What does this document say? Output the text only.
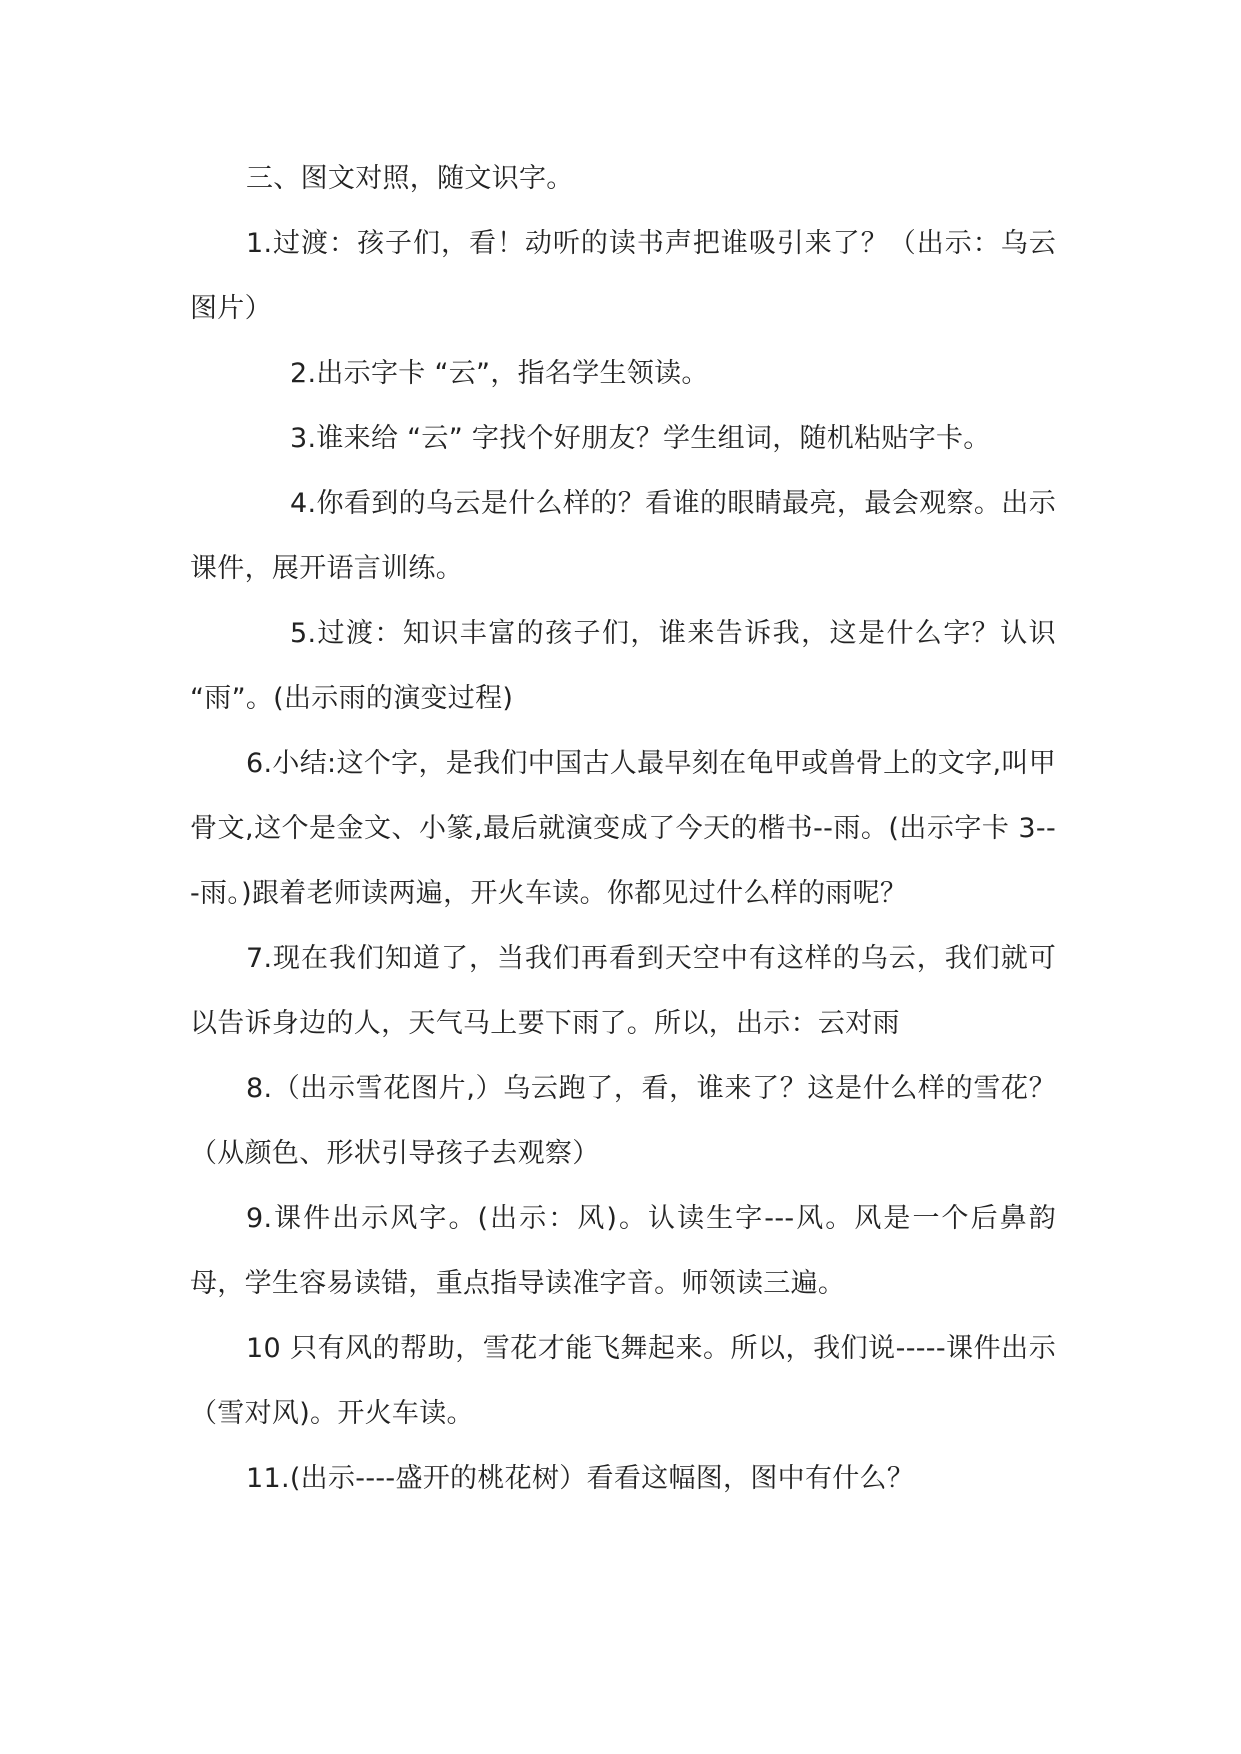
三、图文对照，随文识字。

1.过渡：孩子们，看！动听的读书声把谁吸引来了？（出示：乌云图片）

2.出示字卡 “云”，指名学生领读。

3.谁来给 “云” 字找个好朋友？学生组词，随机粘贴字卡。

4.你看到的乌云是什么样的？看谁的眼睛最亮，最会观察。出示课件，展开语言训练。

5.过渡：知识丰富的孩子们，谁来告诉我，这是什么字？认识 “雨”。(出示雨的演变过程)

6.小结:这个字，是我们中国古人最早刻在龟甲或兽骨上的文字,叫甲骨文,这个是金文、小篆,最后就演变成了今天的楷书--雨。(出示字卡 3---雨。)跟着老师读两遍，开火车读。你都见过什么样的雨呢？

7.现在我们知道了，当我们再看到天空中有这样的乌云，我们就可以告诉身边的人，天气马上要下雨了。所以，出示：云对雨

8.（出示雪花图片,）乌云跑了，看，谁来了？这是什么样的雪花？（从颜色、形状引导孩子去观察）

9.课件出示风字。(出示：风)。认读生字---风。风是一个后鼻韵母，学生容易读错，重点指导读准字音。师领读三遍。

10 只有风的帮助，雪花才能飞舞起来。所以，我们说-----课件出示（雪对风)。开火车读。

11.(出示----盛开的桃花树）看看这幅图，图中有什么？
